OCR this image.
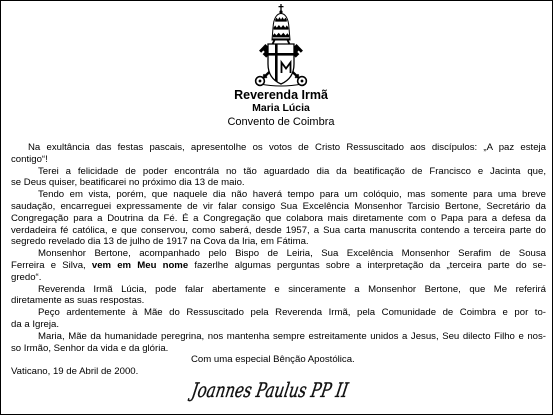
Reverenda Irmã
Maria Lúcia
Convento de Coimbra
Na exultância das festas pascais, apresentolhe os votos de Cristo Ressuscitado aos discípulos: „A paz esteja
contigo“!
Terei a felicidade de poder encontrála no tão aguardado dia da beatificação de Francisco e Jacinta que,
se Deus quiser, beatificarei no próximo dia 13 de maio.
Tendo em vista, porém, que naquele dia não haverá tempo para um colóquio, mas somente para uma breve
saudação, encarreguei expressamente de vir falar consigo Sua Excelência Monsenhor Tarcisio Bertone, Secretário da
Congregação para a Doutrina da Fé. É a Congregação que colabora mais diretamente com o Papa para a defesa da
verdadeira fé católica, e que conservou, como saberá, desde 1957, a Sua carta manuscrita contendo a terceira parte do
segredo revelado dia 13 de julho de 1917 na Cova da Iria, em Fátima.
Monsenhor Bertone, acompanhado pelo Bispo de Leiria, Sua Excelência Monsenhor Serafim de Sousa
Ferreira e Silva, vem em Meu nome fazerlhe algumas perguntas sobre a interpretação da „terceira parte do se-
gredo“.
Reverenda Irmã Lúcia, pode falar abertamente e sinceramente a Monsenhor Bertone, que Me referirá
diretamente as suas respostas.
Peço ardentemente à Mãe do Ressuscitado pela Reverenda Irmã, pela Comunidade de Coimbra e por to-
da a Igreja.
Maria, Mãe da humanidade peregrina, nos mantenha sempre estreitamente unidos a Jesus, Seu dilecto Filho e nos-
so Irmão, Senhor da vida e da glória.
Com uma especial Bênção Apostólica.
Vaticano, 19 de Abril de 2000.
Joannes Paulus PP II
